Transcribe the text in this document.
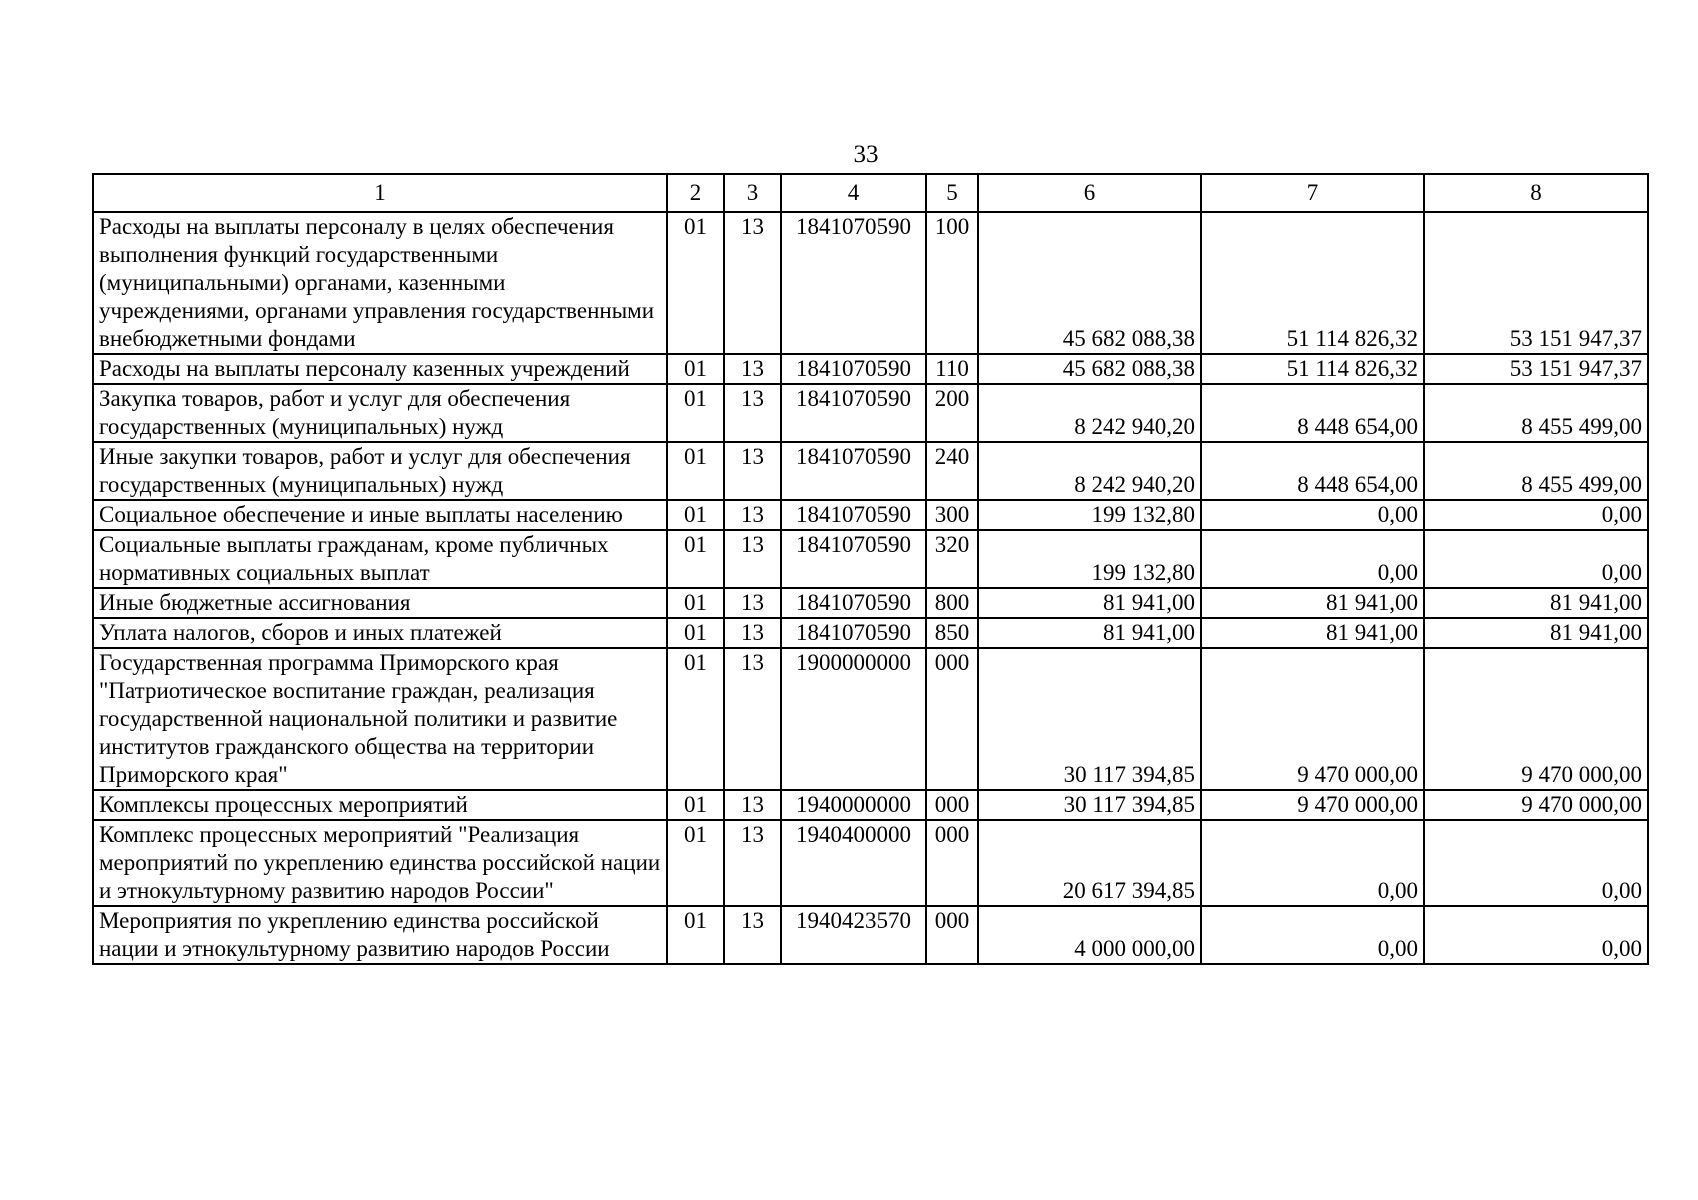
33
1	2	3	4	5	6	7	8
Расходы на выплаты персоналу в целях обеспечения выполнения функций государственными (муниципальными) органами, казенными учреждениями, органами управления государственными внебюджетными фондами	01	13	1841070590	100	45 682 088,38	51 114 826,32	53 151 947,37
Расходы на выплаты персоналу казенных учреждений	01	13	1841070590	110	45 682 088,38	51 114 826,32	53 151 947,37
Закупка товаров, работ и услуг для обеспечения государственных (муниципальных) нужд	01	13	1841070590	200	8 242 940,20	8 448 654,00	8 455 499,00
Иные закупки товаров, работ и услуг для обеспечения государственных (муниципальных) нужд	01	13	1841070590	240	8 242 940,20	8 448 654,00	8 455 499,00
Социальное обеспечение и иные выплаты населению	01	13	1841070590	300	199 132,80	0,00	0,00
Социальные выплаты гражданам, кроме публичных нормативных социальных выплат	01	13	1841070590	320	199 132,80	0,00	0,00
Иные бюджетные ассигнования	01	13	1841070590	800	81 941,00	81 941,00	81 941,00
Уплата налогов, сборов и иных платежей	01	13	1841070590	850	81 941,00	81 941,00	81 941,00
Государственная программа Приморского края "Патриотическое воспитание граждан, реализация государственной национальной политики и развитие институтов гражданского общества на территории Приморского края"	01	13	1900000000	000	30 117 394,85	9 470 000,00	9 470 000,00
Комплексы процессных мероприятий	01	13	1940000000	000	30 117 394,85	9 470 000,00	9 470 000,00
Комплекс процессных мероприятий "Реализация мероприятий по укреплению единства российской нации и этнокультурному развитию народов России"	01	13	1940400000	000	20 617 394,85	0,00	0,00
Мероприятия по укреплению единства российской нации и этнокультурному развитию народов России	01	13	1940423570	000	4 000 000,00	0,00	0,00
